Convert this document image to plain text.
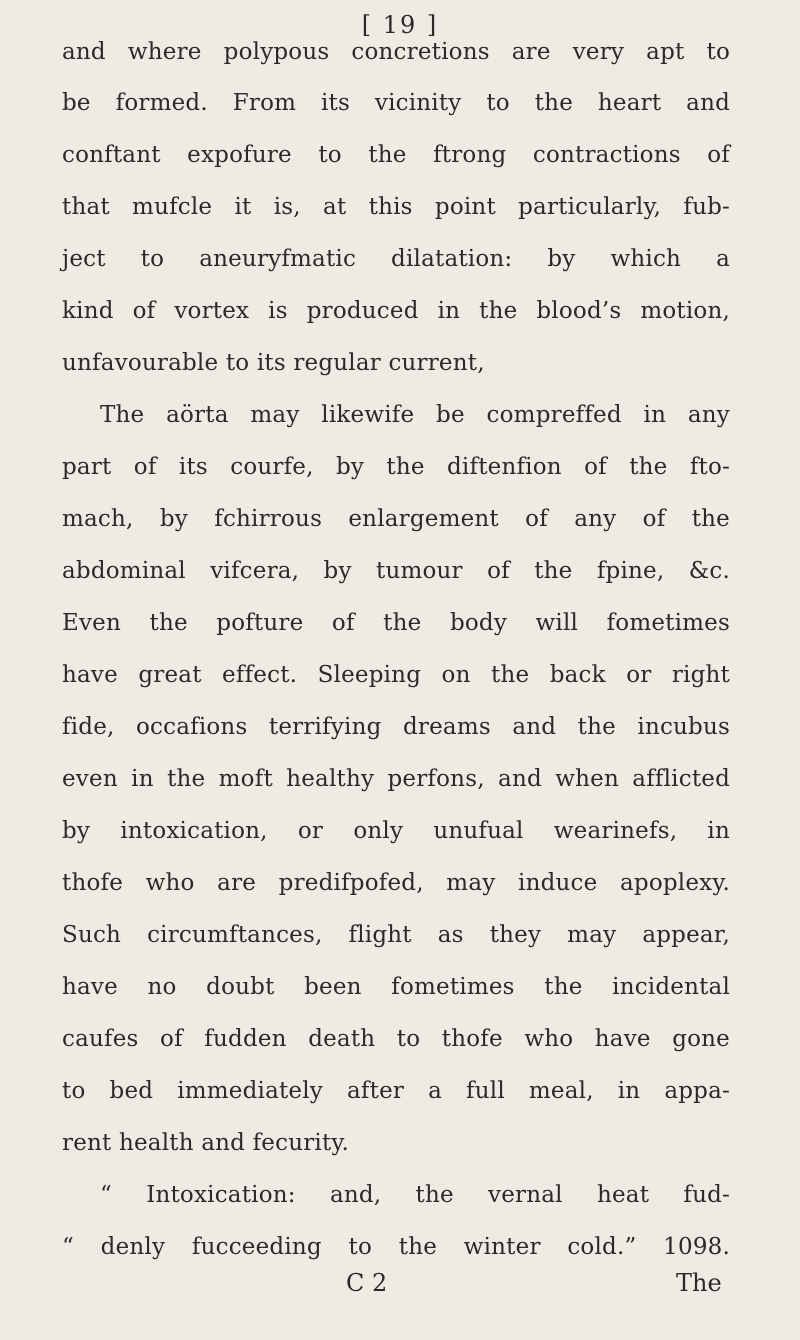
[ 19 ]
and where polypous concretions are very apt to
be formed. From its vicinity to the heart and
conftant expofure to the ftrong contractions of
that mufcle it is, at this point particularly, fub-
ject to aneuryfmatic dilatation: by which a
kind of vortex is produced in the blood’s motion,
unfavourable to its regular current,
The aörta may likewife be compreffed in any
part of its courfe, by the diftenfion of the fto-
mach, by fchirrous enlargement of any of the
abdominal vifcera, by tumour of the fpine, &c.
Even the pofture of the body will fometimes
have great effect. Sleeping on the back or right
fide, occafions terrifying dreams and the incubus
even in the moft healthy perfons, and when afflicted
by intoxication, or only unufual wearinefs, in
thofe who are predifpofed, may induce apoplexy.
Such circumftances, flight as they may appear,
have no doubt been fometimes the incidental
caufes of fudden death to thofe who have gone
to bed immediately after a full meal, in appa-
rent health and fecurity.
“ Intoxication: and, the vernal heat fud-
“ denly fucceeding to the winter cold.” 1098.
C 2	The
